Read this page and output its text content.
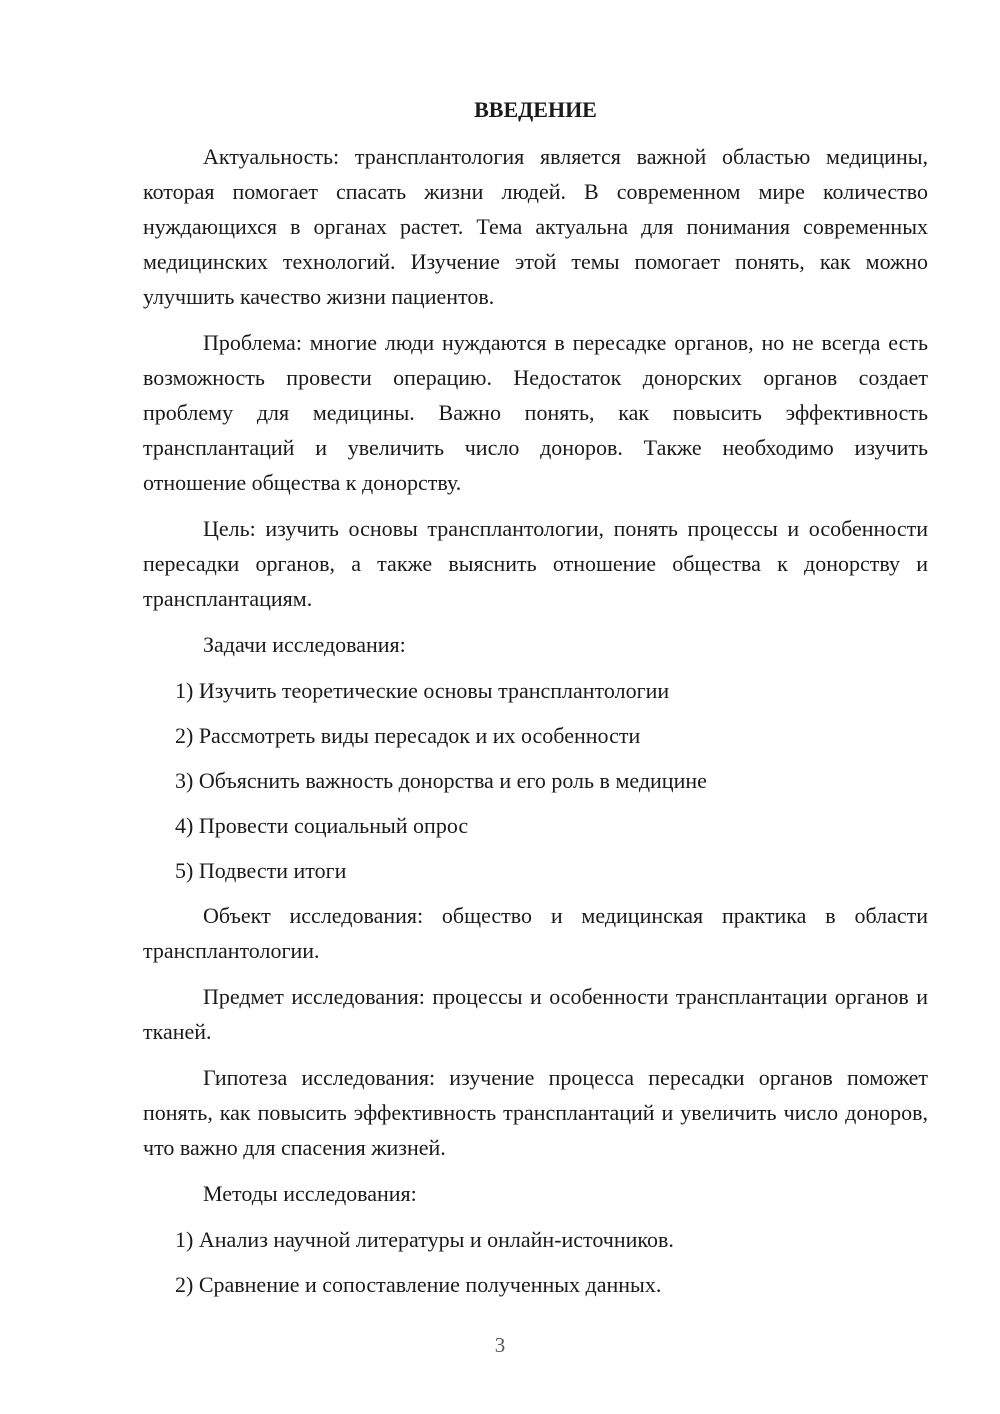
ВВЕДЕНИЕ

Актуальность: трансплантология является важной областью медицины, которая помогает спасать жизни людей. В современном мире количество нуждающихся в органах растет. Тема актуальна для понимания современных медицинских технологий. Изучение этой темы помогает понять, как можно улучшить качество жизни пациентов.

Проблема: многие люди нуждаются в пересадке органов, но не всегда есть возможность провести операцию. Недостаток донорских органов создает проблему для медицины. Важно понять, как повысить эффективность трансплантаций и увеличить число доноров. Также необходимо изучить отношение общества к донорству.

Цель: изучить основы трансплантологии, понять процессы и особенности пересадки органов, а также выяснить отношение общества к донорству и трансплантациям.

Задачи исследования:

1) Изучить теоретические основы трансплантологии

2) Рассмотреть виды пересадок и их особенности

3) Объяснить важность донорства и его роль в медицине

4) Провести социальный опрос

5) Подвести итоги

Объект исследования: общество и медицинская практика в области трансплантологии.

Предмет исследования: процессы и особенности трансплантации органов и тканей.

Гипотеза исследования: изучение процесса пересадки органов поможет понять, как повысить эффективность трансплантаций и увеличить число доноров, что важно для спасения жизней.

Методы исследования:

1) Анализ научной литературы и онлайн-источников.

2) Сравнение и сопоставление полученных данных.

3
